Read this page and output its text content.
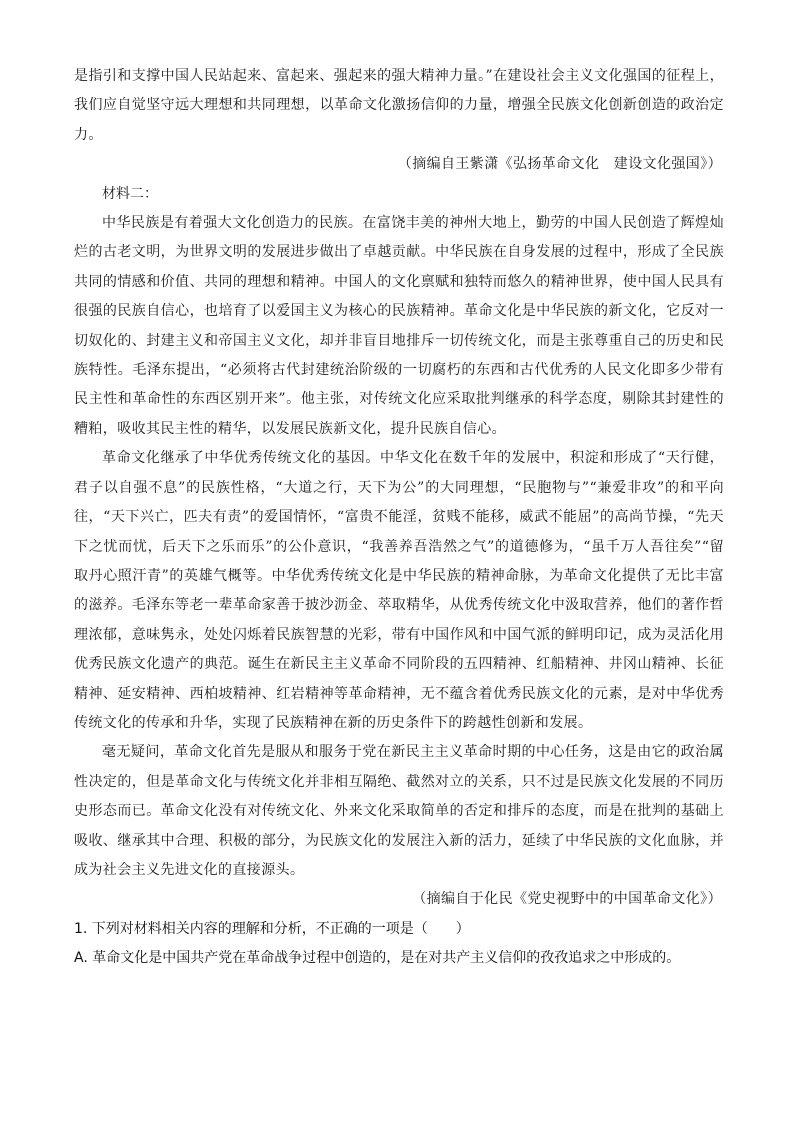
是指引和支撑中国人民站起来、富起来、强起来的强大精神力量。”在建设社会主义文化强国的征程上，我们应自觉坚守远大理想和共同理想，以革命文化激扬信仰的力量，增强全民族文化创新创造的政治定力。

（摘编自王紫潇《弘扬革命文化　建设文化强国》）

材料二：

中华民族是有着强大文化创造力的民族。在富饶丰美的神州大地上，勤劳的中国人民创造了辉煌灿烂的古老文明，为世界文明的发展进步做出了卓越贡献。中华民族在自身发展的过程中，形成了全民族共同的情感和价值、共同的理想和精神。中国人的文化禀赋和独特而悠久的精神世界，使中国人民具有很强的民族自信心，也培育了以爱国主义为核心的民族精神。革命文化是中华民族的新文化，它反对一切奴化的、封建主义和帝国主义文化，却并非盲目地排斥一切传统文化，而是主张尊重自己的历史和民族特性。毛泽东提出，“必须将古代封建统治阶级的一切腐朽的东西和古代优秀的人民文化即多少带有民主性和革命性的东西区别开来”。他主张，对传统文化应采取批判继承的科学态度，剔除其封建性的糟粕，吸收其民主性的精华，以发展民族新文化，提升民族自信心。

革命文化继承了中华优秀传统文化的基因。中华文化在数千年的发展中，积淀和形成了“天行健，君子以自强不息”的民族性格，“大道之行，天下为公”的大同理想，“民胞物与”“兼爱非攻”的和平向往，“天下兴亡，匹夫有责”的爱国情怀，“富贵不能淫，贫贱不能移，威武不能屈”的高尚节操，“先天下之忧而忧，后天下之乐而乐”的公仆意识，“我善养吾浩然之气”的道德修为，“虽千万人吾往矣”“留取丹心照汗青”的英雄气概等。中华优秀传统文化是中华民族的精神命脉，为革命文化提供了无比丰富的滋养。毛泽东等老一辈革命家善于披沙沥金、萃取精华，从优秀传统文化中汲取营养，他们的著作哲理浓郁，意味隽永，处处闪烁着民族智慧的光彩，带有中国作风和中国气派的鲜明印记，成为灵活化用优秀民族文化遗产的典范。诞生在新民主主义革命不同阶段的五四精神、红船精神、井冈山精神、长征精神、延安精神、西柏坡精神、红岩精神等革命精神，无不蕴含着优秀民族文化的元素，是对中华优秀传统文化的传承和升华，实现了民族精神在新的历史条件下的跨越性创新和发展。

毫无疑问，革命文化首先是服从和服务于党在新民主主义革命时期的中心任务，这是由它的政治属性决定的，但是革命文化与传统文化并非相互隔绝、截然对立的关系，只不过是民族文化发展的不同历史形态而已。革命文化没有对传统文化、外来文化采取简单的否定和排斥的态度，而是在批判的基础上吸收、继承其中合理、积极的部分，为民族文化的发展注入新的活力，延续了中华民族的文化血脉，并成为社会主义先进文化的直接源头。

（摘编自于化民《党史视野中的中国革命文化》）

1. 下列对材料相关内容的理解和分析，不正确的一项是（　　）

A. 革命文化是中国共产党在革命战争过程中创造的，是在对共产主义信仰的孜孜追求之中形成的。
